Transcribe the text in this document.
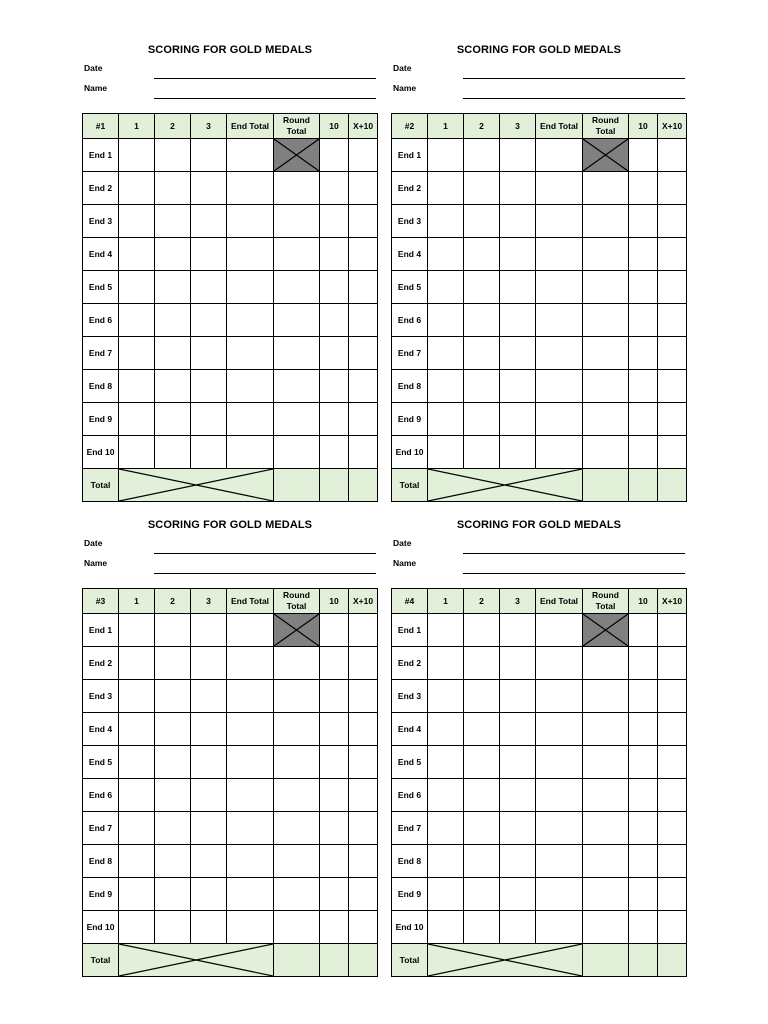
SCORING FOR GOLD MEDALS
Date
Name
#1	1	2	3	End Total	Round Total	10	X+10
End 1					

End 2							
End 3							
End 4							
End 5							
End 6							
End 7							
End 8							
End 9							
End 10							
Total	

SCORING FOR GOLD MEDALS
Date
Name
#2	1	2	3	End Total	Round Total	10	X+10
End 1					

End 2							
End 3							
End 4							
End 5							
End 6							
End 7							
End 8							
End 9							
End 10							
Total	

SCORING FOR GOLD MEDALS
Date
Name
#3	1	2	3	End Total	Round Total	10	X+10
End 1					

End 2							
End 3							
End 4							
End 5							
End 6							
End 7							
End 8							
End 9							
End 10							
Total	

SCORING FOR GOLD MEDALS
Date
Name
#4	1	2	3	End Total	Round Total	10	X+10
End 1					

End 2							
End 3							
End 4							
End 5							
End 6							
End 7							
End 8							
End 9							
End 10							
Total	
